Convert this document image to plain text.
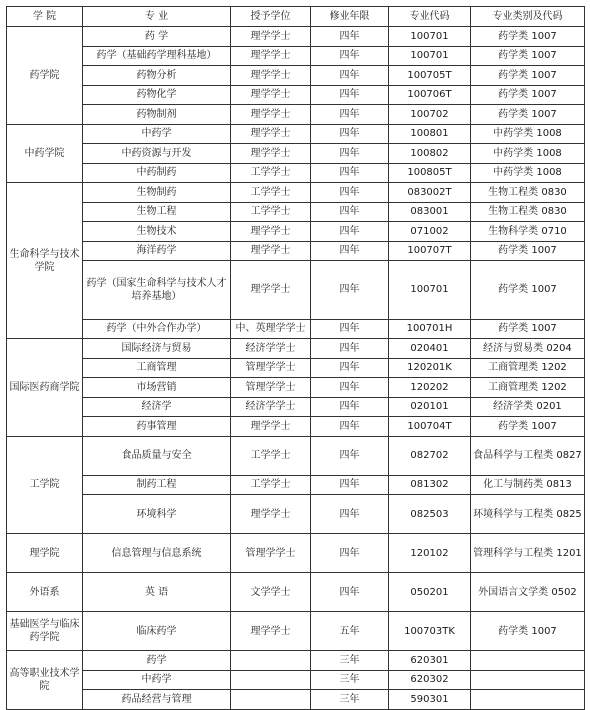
学 院	专 业	授予学位	修业年限	专业代码	专业类别及代码
药学院	药 学	理学学士	四年	100701	药学类 1007
	药学（基础药学理科基地）	理学学士	四年	100701	药学类 1007
	药物分析	理学学士	四年	100705T	药学类 1007
	药物化学	理学学士	四年	100706T	药学类 1007
	药物制剂	理学学士	四年	100702	药学类 1007
中药学院	中药学	理学学士	四年	100801	中药学类 1008
	中药资源与开发	理学学士	四年	100802	中药学类 1008
	中药制药	工学学士	四年	100805T	中药学类 1008
生命科学与技术学院	生物制药	工学学士	四年	083002T	生物工程类 0830
	生物工程	工学学士	四年	083001	生物工程类 0830
	生物技术	理学学士	四年	071002	生物科学类 0710
	海洋药学	理学学士	四年	100707T	药学类 1007
	药学（国家生命科学与技术人才培养基地）	理学学士	四年	100701	药学类 1007
	药学（中外合作办学）	中、英理学学士	四年	100701H	药学类 1007
国际医药商学院	国际经济与贸易	经济学学士	四年	020401	经济与贸易类 0204
	工商管理	管理学学士	四年	120201K	工商管理类 1202
	市场营销	管理学学士	四年	120202	工商管理类 1202
	经济学	经济学学士	四年	020101	经济学类 0201
	药事管理	理学学士	四年	100704T	药学类 1007
工学院	食品质量与安全	工学学士	四年	082702	食品科学与工程类 0827
	制药工程	工学学士	四年	081302	化工与制药类 0813
	环境科学	理学学士	四年	082503	环境科学与工程类 0825
理学院	信息管理与信息系统	管理学学士	四年	120102	管理科学与工程类 1201
外语系	英 语	文学学士	四年	050201	外国语言文学类 0502
基础医学与临床药学院	临床药学	理学学士	五年	100703TK	药学类 1007
高等职业技术学院	药学		三年	620301	
	中药学		三年	620302	
	药品经营与管理		三年	590301	
